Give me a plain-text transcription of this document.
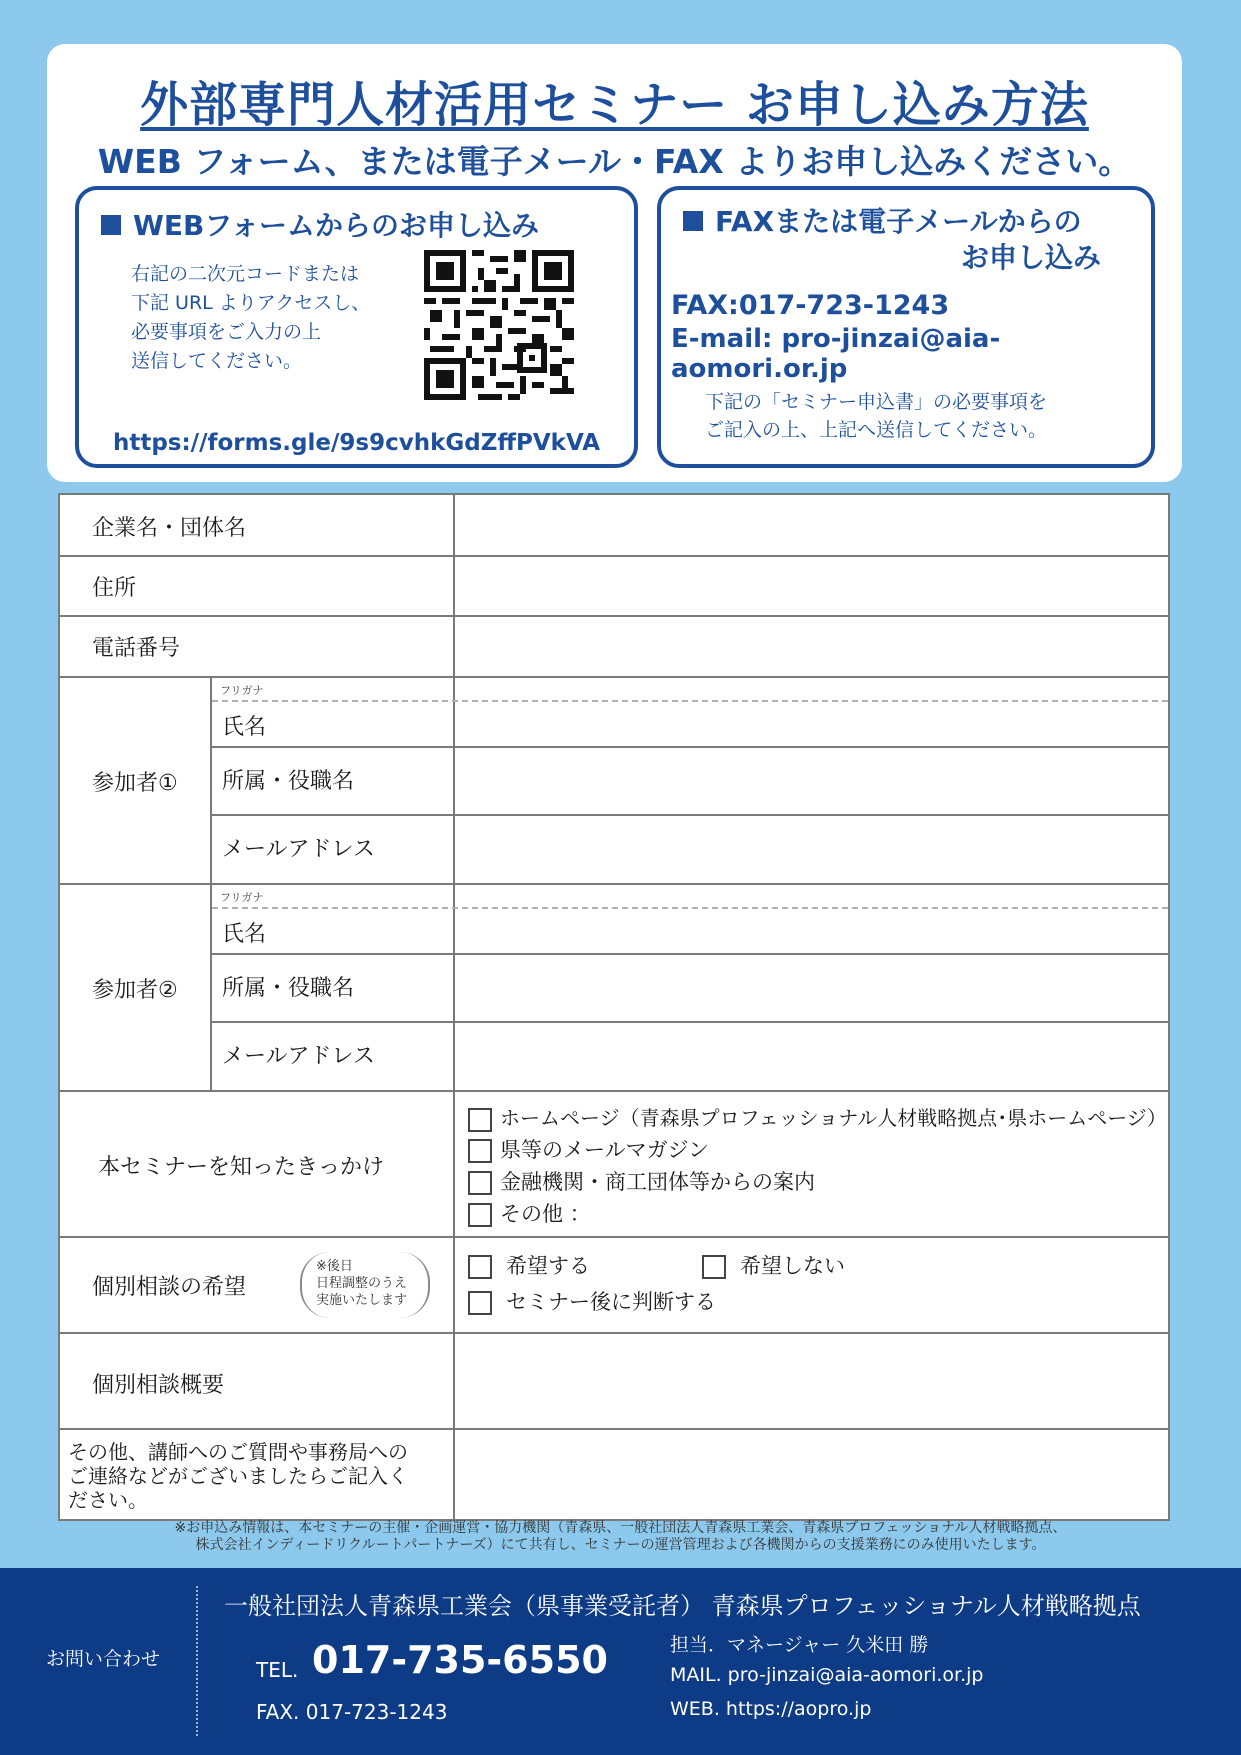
外部専門人材活用セミナー お申し込み方法
WEB フォーム、または電子メール・FAX よりお申し込みください。
WEBフォームからのお申し込み
右記の二次元コードまたは
下記 URL よりアクセスし、
必要事項をご入力の上
送信してください。
https://forms.gle/9s9cvhkGdZffPVkVA
FAXまたは電子メールからの
お申し込み
FAX:017-723-1243
E-mail: pro-jinzai@aia-aomori.or.jp
下記の「セミナー申込書」の必要事項を
ご記入の上、上記へ送信してください。
企業名・団体名
住所
電話番号
参加者①
フリガナ
氏名
所属・役職名
メールアドレス
参加者②
フリガナ
氏名
所属・役職名
メールアドレス
本セミナーを知ったきっかけ
ホームページ（青森県プロフェッショナル人材戦略拠点･県ホームページ）
県等のメールマガジン
金融機関・商工団体等からの案内
その他 ：
個別相談の希望
※後日
日程調整のうえ
実施いたします
希望する	希望しない
セミナー後に判断する
個別相談概要
その他、講師へのご質問や事務局への
ご連絡などがございましたらご記入く
ださい。
※お申込み情報は、本セミナーの主催・企画運営・協力機関（青森県、一般社団法人青森県工業会、青森県プロフェッショナル人材戦略拠点、
株式会社インディードリクルートパートナーズ）にて共有し、セミナーの運営管理および各機関からの支援業務にのみ使用いたします。
お問い合わせ
一般社団法人青森県工業会（県事業受託者） 青森県プロフェッショナル人材戦略拠点
TEL. 017-735-6550
FAX. 017-723-1243
担当．マネージャー 久米田 勝
MAIL. pro-jinzai@aia-aomori.or.jp
WEB. https://aopro.jp
